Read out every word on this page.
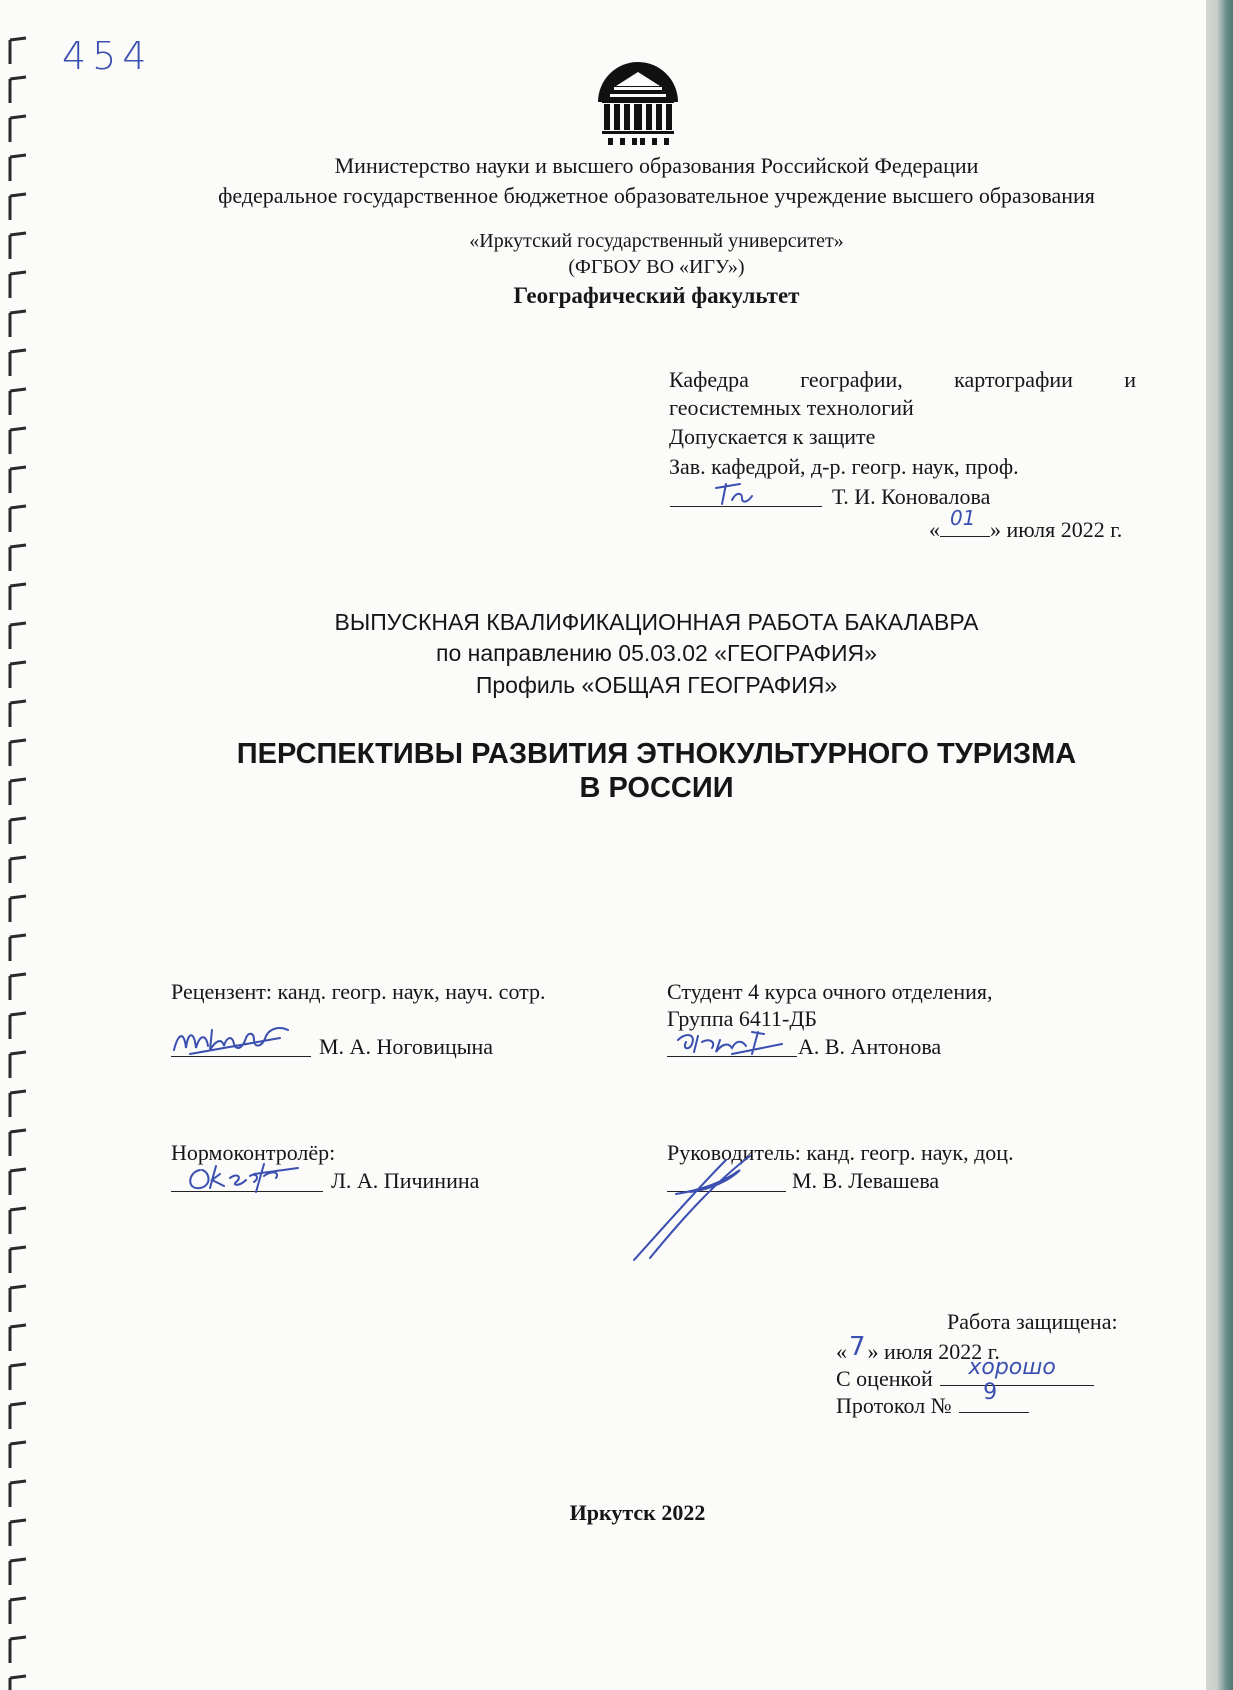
454
Министерство науки и высшего образования Российской Федерации
федеральное государственное бюджетное образовательное учреждение высшего образования
«Иркутский государственный университет»
(ФГБОУ ВО «ИГУ»)
Географический факультет
Кафедра географии, картографии и
геосистемных технологий
Допускается к защите
Зав. кафедрой, д-р. геогр. наук, проф.
Т. И. Коновалова
« 01 » июля 2022 г.
ВЫПУСКНАЯ КВАЛИФИКАЦИОННАЯ РАБОТА БАКАЛАВРА
по направлению 05.03.02 «ГЕОГРАФИЯ»
Профиль «ОБЩАЯ ГЕОГРАФИЯ»
ПЕРСПЕКТИВЫ РАЗВИТИЯ ЭТНОКУЛЬТУРНОГО ТУРИЗМА
В РОССИИ
Рецензент: канд. геогр. наук, науч. сотр.
М. А. Ноговицына
Студент 4 курса очного отделения,
Группа 6411-ДБ
А. В. Антонова
Нормоконтролёр:
Л. А. Пичинина
Руководитель: канд. геогр. наук, доц.
М. В. Левашева
Работа защищена:
«7» июля 2022 г.
С оценкой хорошо
Протокол №
9
Иркутск 2022
